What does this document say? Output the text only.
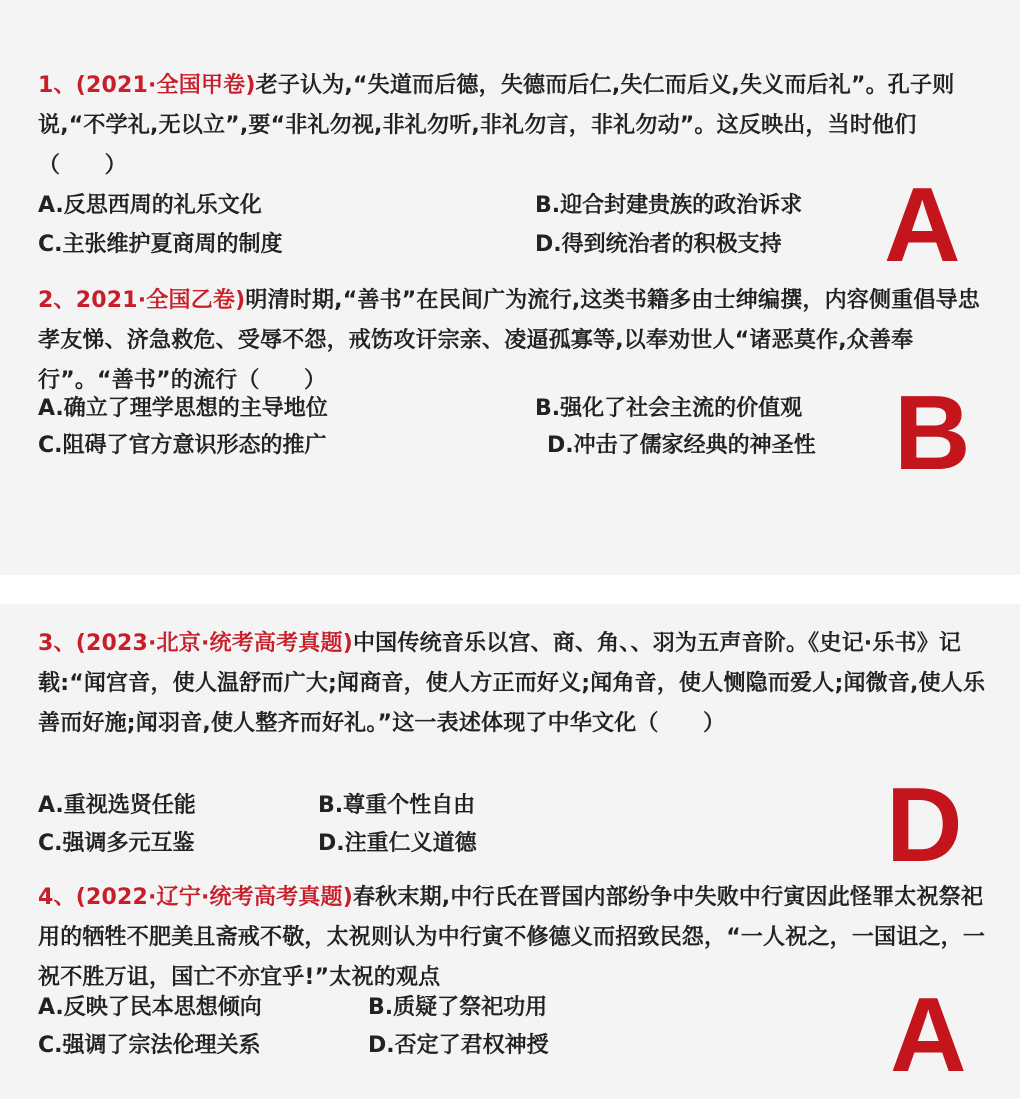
1、(2021·全国甲卷)老子认为,“失道而后德，失德而后仁,失仁而后义,失义而后礼”。孔子则说,“不学礼,无以立”,要“非礼勿视,非礼勿听,非礼勿言，非礼勿动”。这反映出，当时他们（　　）

A.反思西周的礼乐文化	B.迎合封建贵族的政治诉求
C.主张维护夏商周的制度	D.得到统治者的积极支持 A

2、2021·全国乙卷)明清时期,“善书”在民间广为流行,这类书籍多由士绅编撰，内容侧重倡导忠孝友悌、济急救危、受辱不怨，戒饬攻讦宗亲、凌逼孤寡等,以奉劝世人“诸恶莫作,众善奉行”。“善书”的流行（　　）

A.确立了理学思想的主导地位	B.强化了社会主流的价值观
C.阻碍了官方意识形态的推广	D.冲击了儒家经典的神圣性 B

3、(2023·北京·统考高考真题)中国传统音乐以宫、商、角、、羽为五声音阶。《史记·乐书》记载:“闻宫音，使人温舒而广大;闻商音，使人方正而好义;闻角音，使人恻隐而爱人;闻微音,使人乐善而好施;闻羽音,使人整齐而好礼。”这一表述体现了中华文化（　　）

A.重视选贤任能	B.尊重个性自由
C.强调多元互鉴	D.注重仁义道德	D

4、(2022·辽宁·统考高考真题)春秋末期,中行氏在晋国内部纷争中失败中行寅因此怪罪太祝祭祀用的牺牲不肥美且斋戒不敬，太祝则认为中行寅不修德义而招致民怨，“一人祝之，一国诅之，一祝不胜万诅，国亡不亦宜乎!”太祝的观点

A.反映了民本思想倾向	B.质疑了祭祀功用
C.强调了宗法伦理关系	D.否定了君权神授	A
